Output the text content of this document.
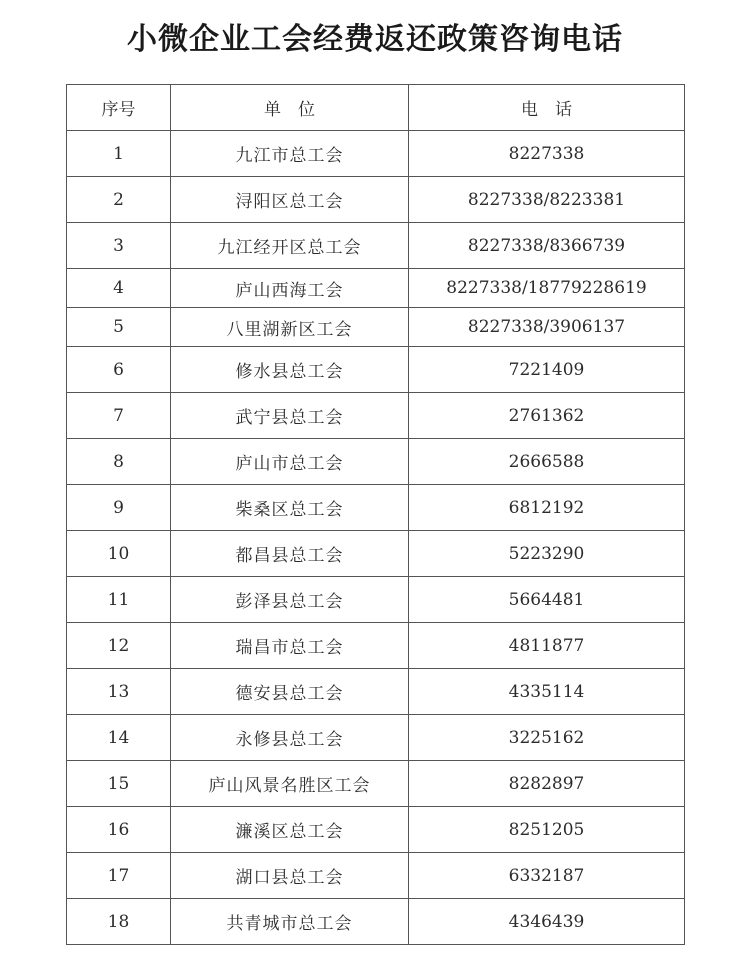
小微企业工会经费返还政策咨询电话
序号	单　位	电　话
1	九江市总工会	8227338
2	浔阳区总工会	8227338/8223381
3	九江经开区总工会	8227338/8366739
4	庐山西海工会	8227338/18779228619
5	八里湖新区工会	8227338/3906137
6	修水县总工会	7221409
7	武宁县总工会	2761362
8	庐山市总工会	2666588
9	柴桑区总工会	6812192
10	都昌县总工会	5223290
11	彭泽县总工会	5664481
12	瑞昌市总工会	4811877
13	德安县总工会	4335114
14	永修县总工会	3225162
15	庐山风景名胜区工会	8282897
16	濂溪区总工会	8251205
17	湖口县总工会	6332187
18	共青城市总工会	4346439
